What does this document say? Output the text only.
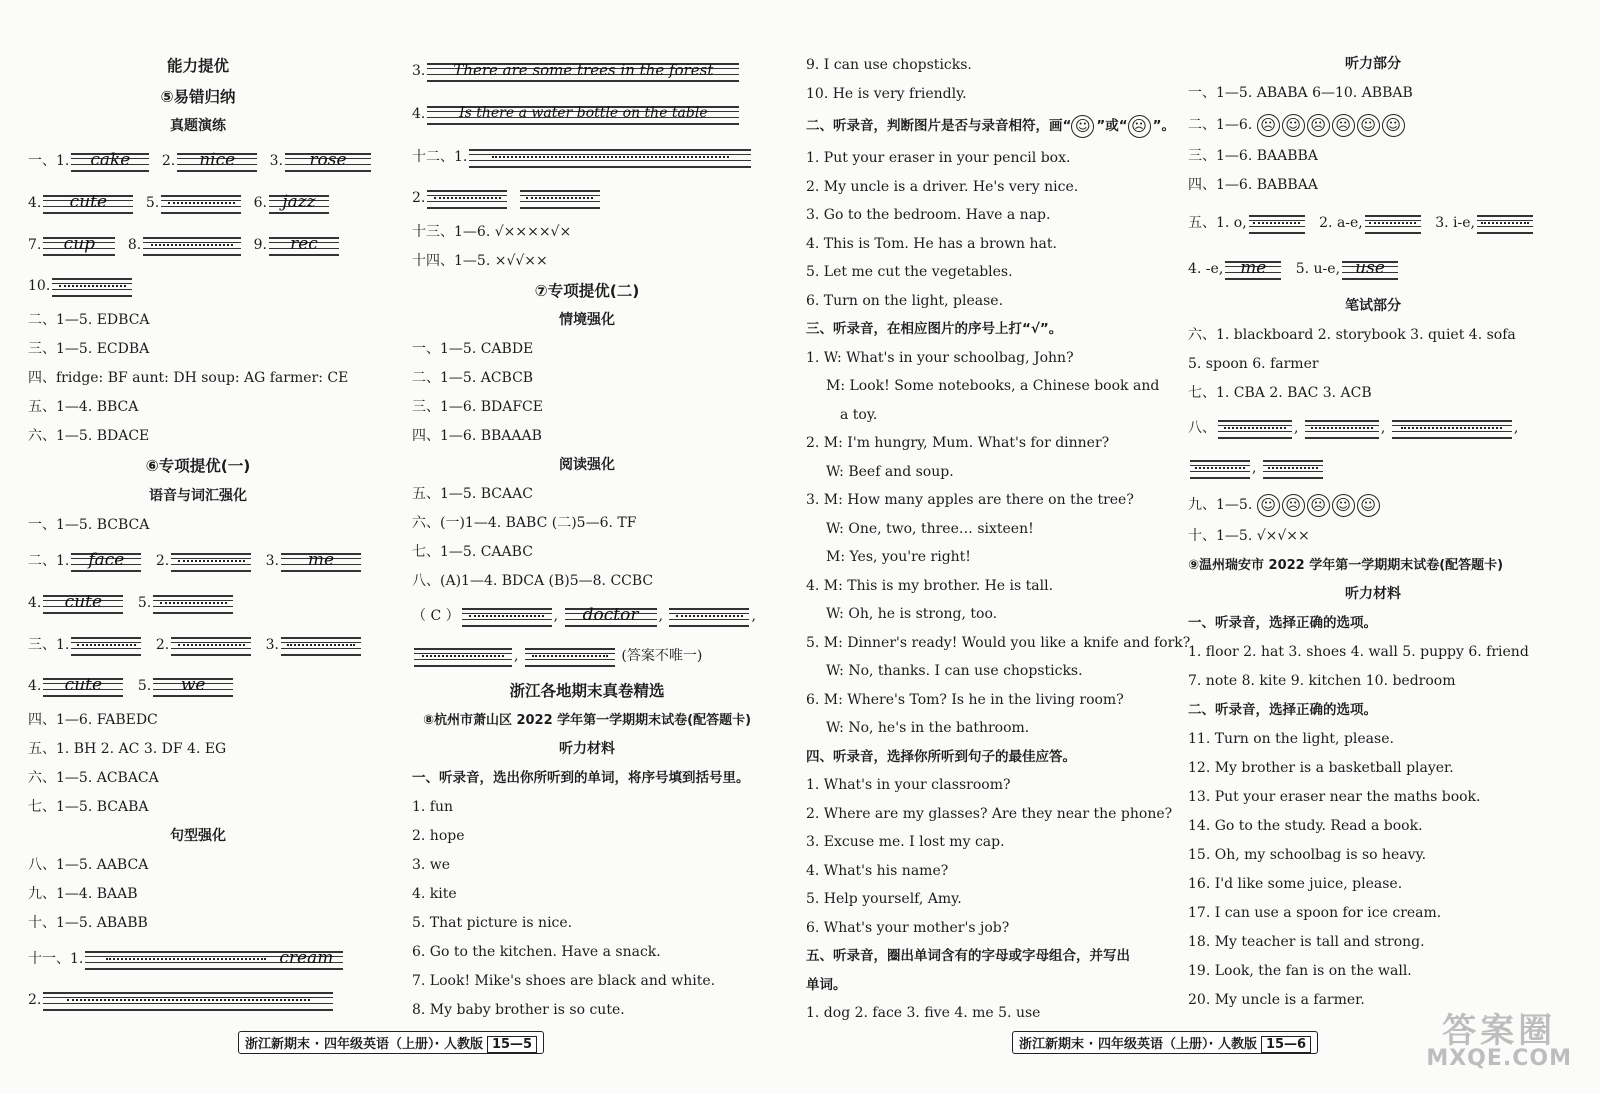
能力提优
⑤易错归纳
真题演练
一、1.	cake	2.	nice	3.	rose
4.	cute	5.	6. jazz
7.	cup	8.	9.	rec
10.
二、1—5. EDBCA
三、1—5. ECDBA
四、fridge: BF aunt: DH soup: AG farmer: CE
五、1—4. BBCA
六、1—5. BDACE
⑥专项提优(一)
语音与词汇强化
一、1—5. BCBCA
二、1.	face	2.	3.	me
4.	cute	5.
三、1.	2.	3.
4.	cute	5.	we
四、1—6. FABEDC
五、1. BH 2. AC 3. DF 4. EG
六、1—5. ACBACA
七、1—5. BCABA
句型强化
八、1—5. AABCA
九、1—4. BAAB
十、1—5. ABABB
十一、1.	cream
2.
3.	There are some trees in the forest
4.	Is there a water bottle on the table
十二、1.
2.

十三、1—6. √××××√×
十四、1—5. ×√√××
⑦专项提优(二)
情境强化
一、1—5. CABDE
二、1—5. ACBCB
三、1—6. BDAFCE
四、1—6. BBAAAB
阅读强化
五、1—5. BCAAC
六、(一)1—4. BABC (二)5—6. TF
七、1—5. CAABC
八、(A)1—4. BDCA (B)5—8. CCBC
（ C ）	,	doctor	,	,
,	(答案不唯一)
浙江各地期末真卷精选
⑧杭州市萧山区 2022 学年第一学期期末试卷(配答题卡)
听力材料
一、听录音，选出你所听到的单词，将序号填到括号里。
1. fun
2. hope
3. we
4. kite
5. That picture is nice.
6. Go to the kitchen. Have a snack.
7. Look! Mike's shoes are black and white.
8. My baby brother is so cute.
9. I can use chopsticks.
10. He is very friendly.
二、听录音，判断图片是否与录音相符，画“ ☺ ”或“ ☹ ”。
1. Put your eraser in your pencil box.
2. My uncle is a driver. He's very nice.
3. Go to the bedroom. Have a nap.
4. This is Tom. He has a brown hat.
5. Let me cut the vegetables.
6. Turn on the light, please.
三、听录音，在相应图片的序号上打“√”。
1. W: What's in your schoolbag, John?
M: Look! Some notebooks, a Chinese book and
a toy.
2. M: I'm hungry, Mum. What's for dinner?
W: Beef and soup.
3. M: How many apples are there on the tree?
W: One, two, three… sixteen!
M: Yes, you're right!
4. M: This is my brother. He is tall.
W: Oh, he is strong, too.
5. M: Dinner's ready! Would you like a knife and fork?
W: No, thanks. I can use chopsticks.
6. M: Where's Tom? Is he in the living room?
W: No, he's in the bathroom.
四、听录音，选择你所听到句子的最佳应答。
1. What's in your classroom?
2. Where are my glasses? Are they near the phone?
3. Excuse me. I lost my cap.
4. What's his name?
5. Help yourself, Amy.
6. What's your mother's job?
五、听录音，圈出单词含有的字母或字母组合，并写出
单词。
1. dog 2. face 3. five 4. me 5. use
听力部分
一、1—5. ABABA 6—10. ABBAB
二、1—6. ☹ ☺ ☹ ☹ ☺ ☺
三、1—6. BAABBA
四、1—6. BABBAA
五、1. o,	2. a-e,	3. i-e,
4. -e, me	5. u-e, use
笔试部分
六、1. blackboard 2. storybook 3. quiet 4. sofa
5. spoon 6. farmer
七、1. CBA 2. BAC 3. ACB
八、	,	,	,
,
九、1—5. ☺ ☹ ☹ ☺ ☺
十、1—5. √×√××
⑨温州瑞安市 2022 学年第一学期期末试卷(配答题卡)
听力材料
一、听录音，选择正确的选项。
1. floor 2. hat 3. shoes 4. wall 5. puppy 6. friend
7. note 8. kite 9. kitchen 10. bedroom
二、听录音，选择正确的选项。
11. Turn on the light, please.
12. My brother is a basketball player.
13. Put your eraser near the maths book.
14. Go to the study. Read a book.
15. Oh, my schoolbag is so heavy.
16. I'd like some juice, please.
17. I can use a spoon for ice cream.
18. My teacher is tall and strong.
19. Look, the fan is on the wall.
20. My uncle is a farmer.
浙江新期末 · 四年级英语（上册）· 人教版 15—5	浙江新期末 · 四年级英语（上册）· 人教版 15—6	答案圈
MXQE.COM
